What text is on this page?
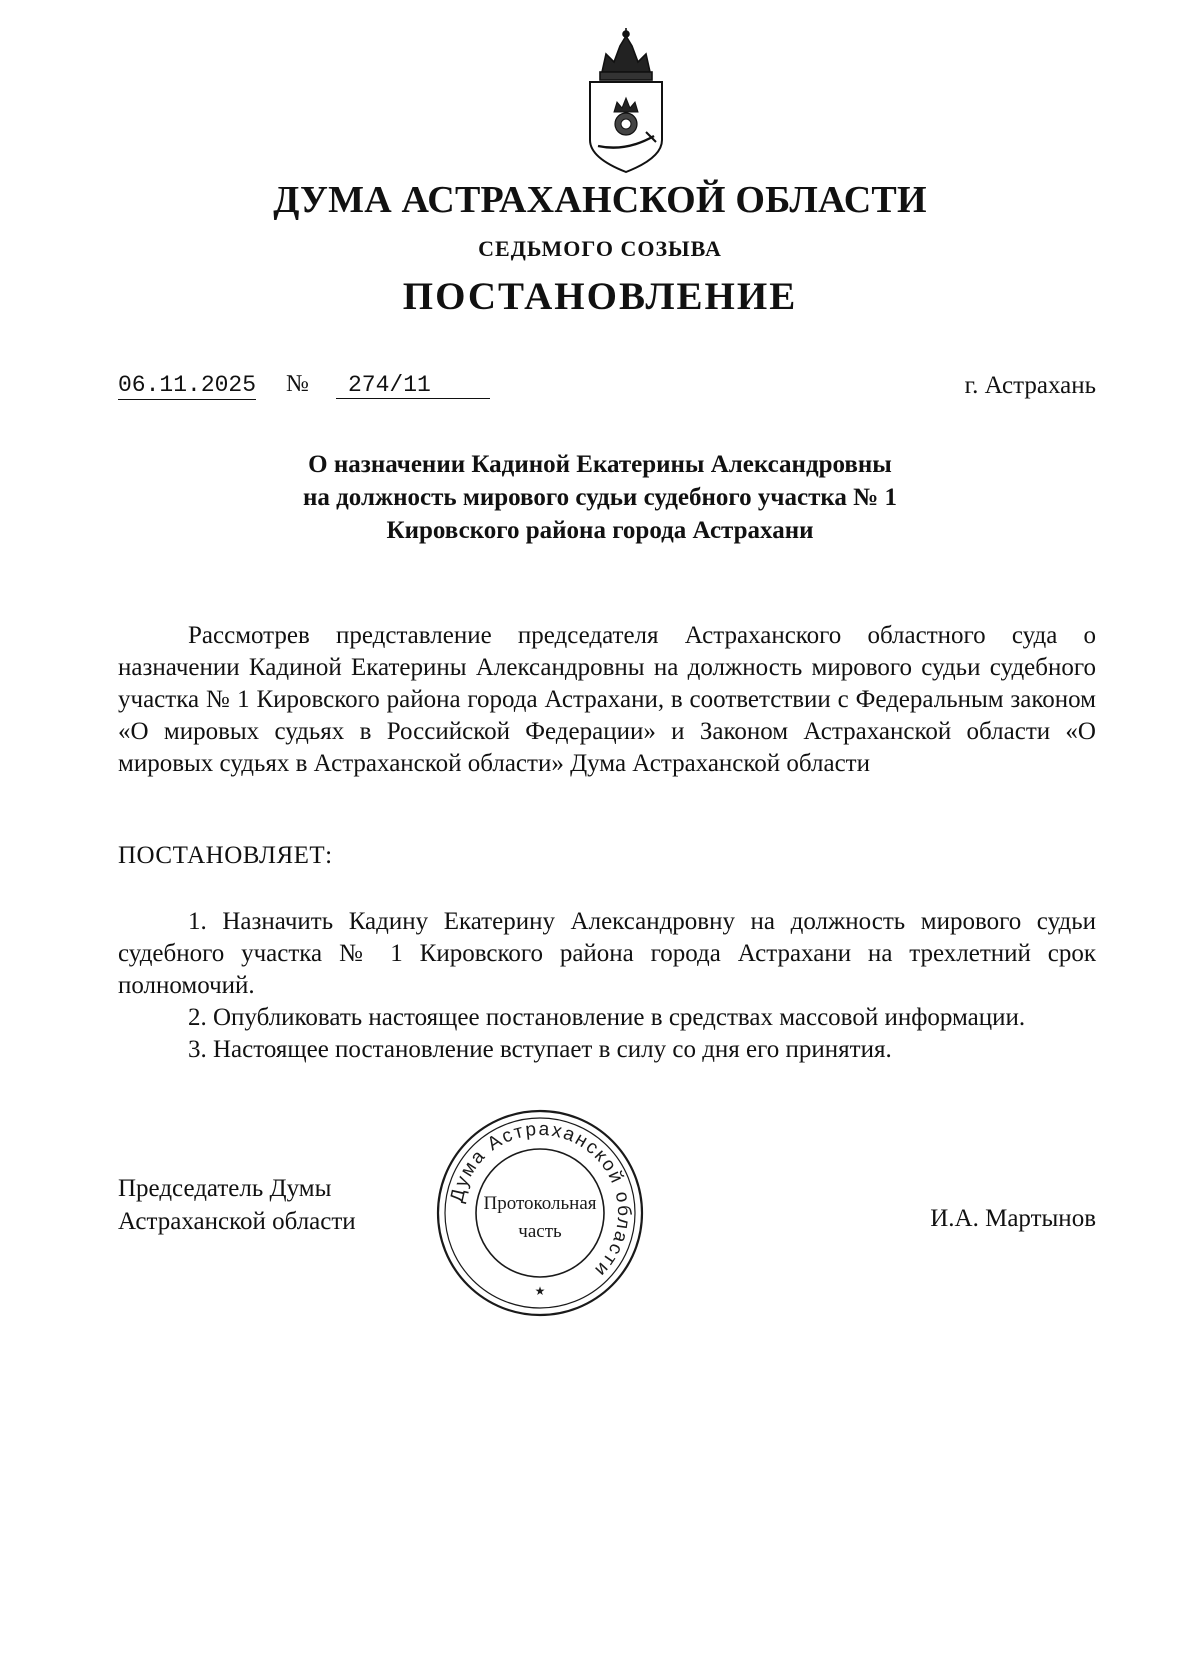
ДУМА АСТРАХАНСКОЙ ОБЛАСТИ
СЕДЬМОГО СОЗЫВА
ПОСТАНОВЛЕНИЕ
06.11.2025 №	274/11	г. Астрахань
О назначении Кадиной Екатерины Александровны
на должность мирового судьи судебного участка № 1
Кировского района города Астрахани

Рассмотрев представление председателя Астраханского областного суда о назначении Кадиной Екатерины Александровны на должность мирового судьи судебного участка № 1 Кировского района города Астрахани, в соответствии с Федеральным законом «О мировых судьях в Российской Федерации» и Законом Астраханской области «О мировых судьях в Астраханской области» Дума Астраханской области

ПОСТАНОВЛЯЕТ:

1. Назначить Кадину Екатерину Александровну на должность мирового судьи судебного участка № 1 Кировского района города Астрахани на трехлетний срок полномочий.

2. Опубликовать настоящее постановление в средствах массовой информации.

3. Настоящее постановление вступает в силу со дня его принятия.

Председатель Думы
Астраханской области
Дума Астраханской области
Протокольная
часть
★
И.А. Мартынов
